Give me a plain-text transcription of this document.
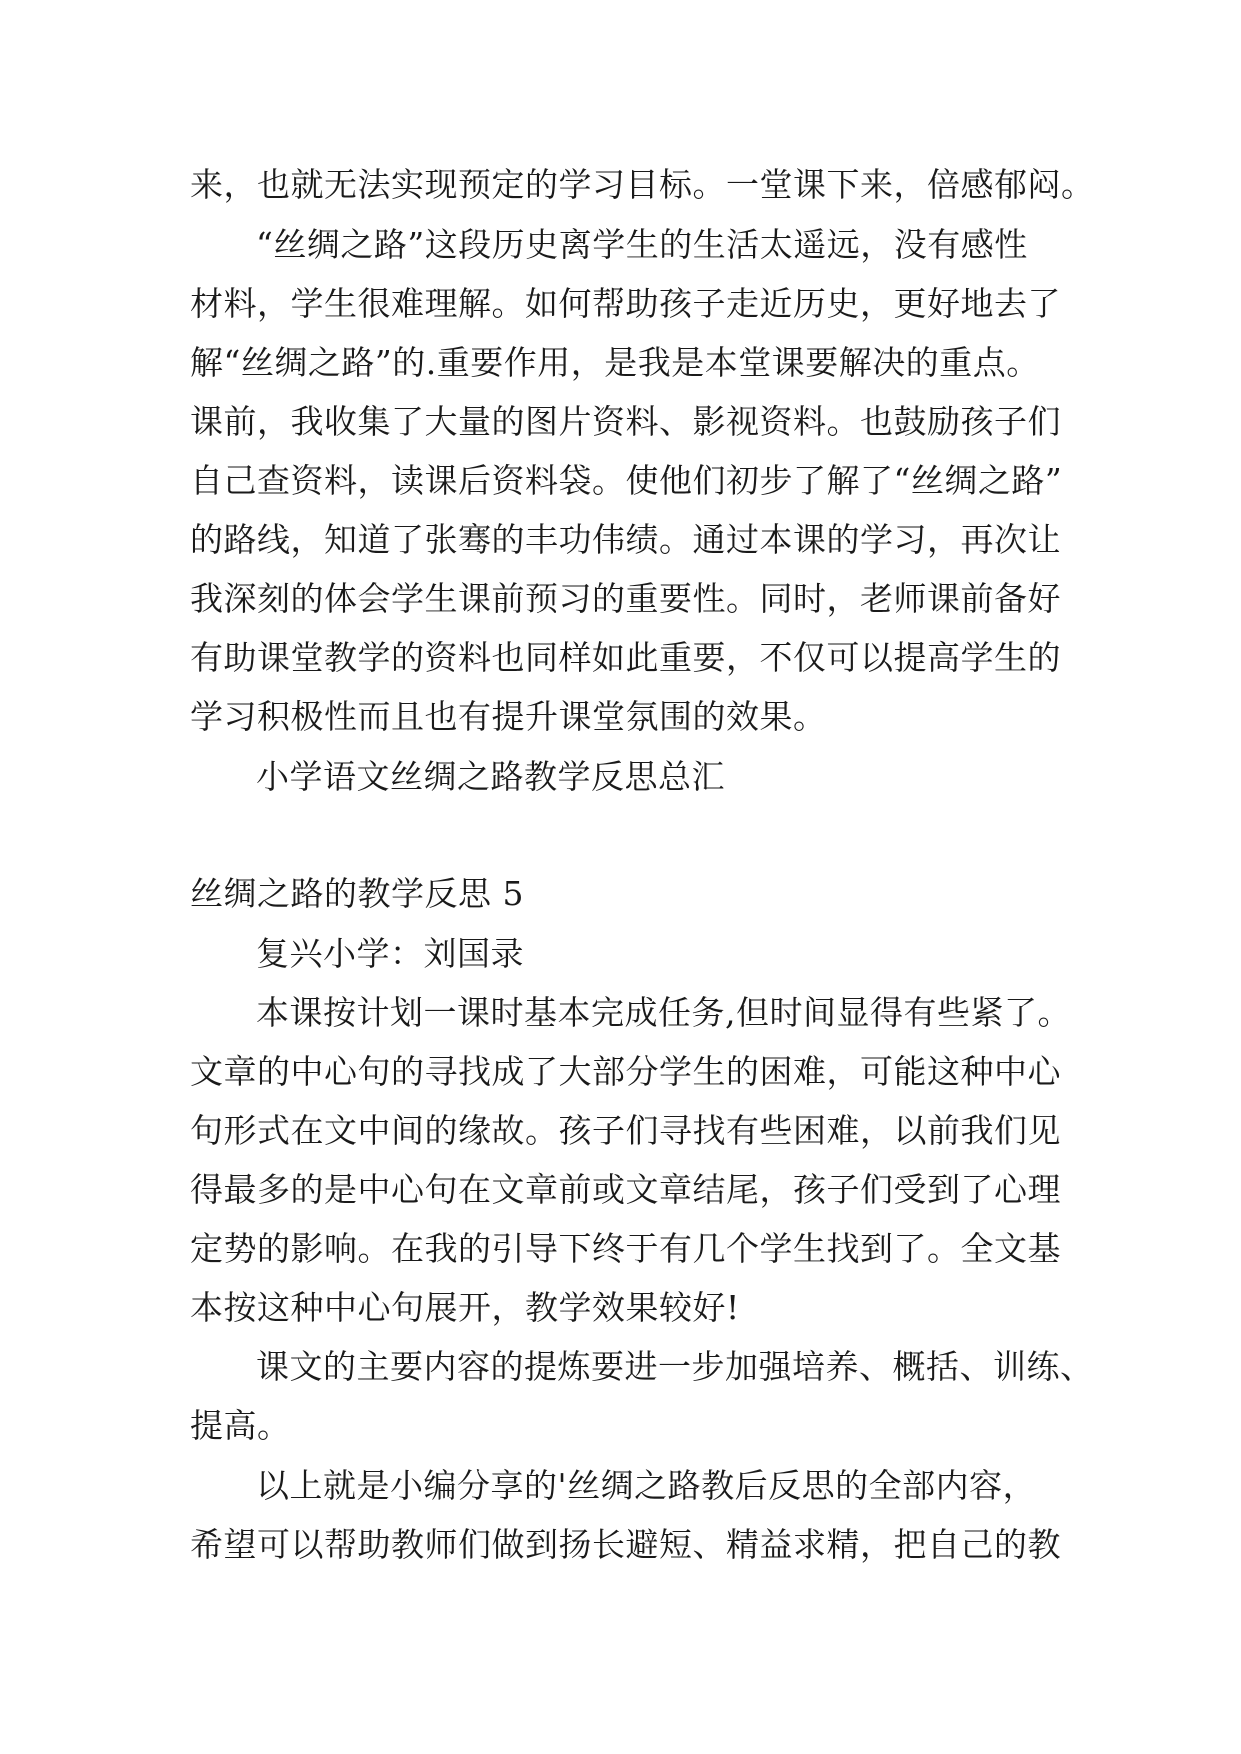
来，也就无法实现预定的学习目标。一堂课下来，倍感郁闷。
“丝绸之路”这段历史离学生的生活太遥远，没有感性
材料，学生很难理解。如何帮助孩子走近历史，更好地去了
解“丝绸之路”的.重要作用，是我是本堂课要解决的重点。
课前，我收集了大量的图片资料、影视资料。也鼓励孩子们
自己查资料，读课后资料袋。使他们初步了解了“丝绸之路”
的路线，知道了张骞的丰功伟绩。通过本课的学习，再次让
我深刻的体会学生课前预习的重要性。同时，老师课前备好
有助课堂教学的资料也同样如此重要，不仅可以提高学生的
学习积极性而且也有提升课堂氛围的效果。
小学语文丝绸之路教学反思总汇
丝绸之路的教学反思 5
复兴小学：刘国录
本课按计划一课时基本完成任务,但时间显得有些紧了。
文章的中心句的寻找成了大部分学生的困难，可能这种中心
句形式在文中间的缘故。孩子们寻找有些困难，以前我们见
得最多的是中心句在文章前或文章结尾，孩子们受到了心理
定势的影响。在我的引导下终于有几个学生找到了。全文基
本按这种中心句展开，教学效果较好!
课文的主要内容的提炼要进一步加强培养、概括、训练、
提高。
以上就是小编分享的'丝绸之路教后反思的全部内容，
希望可以帮助教师们做到扬长避短、精益求精，把自己的教
